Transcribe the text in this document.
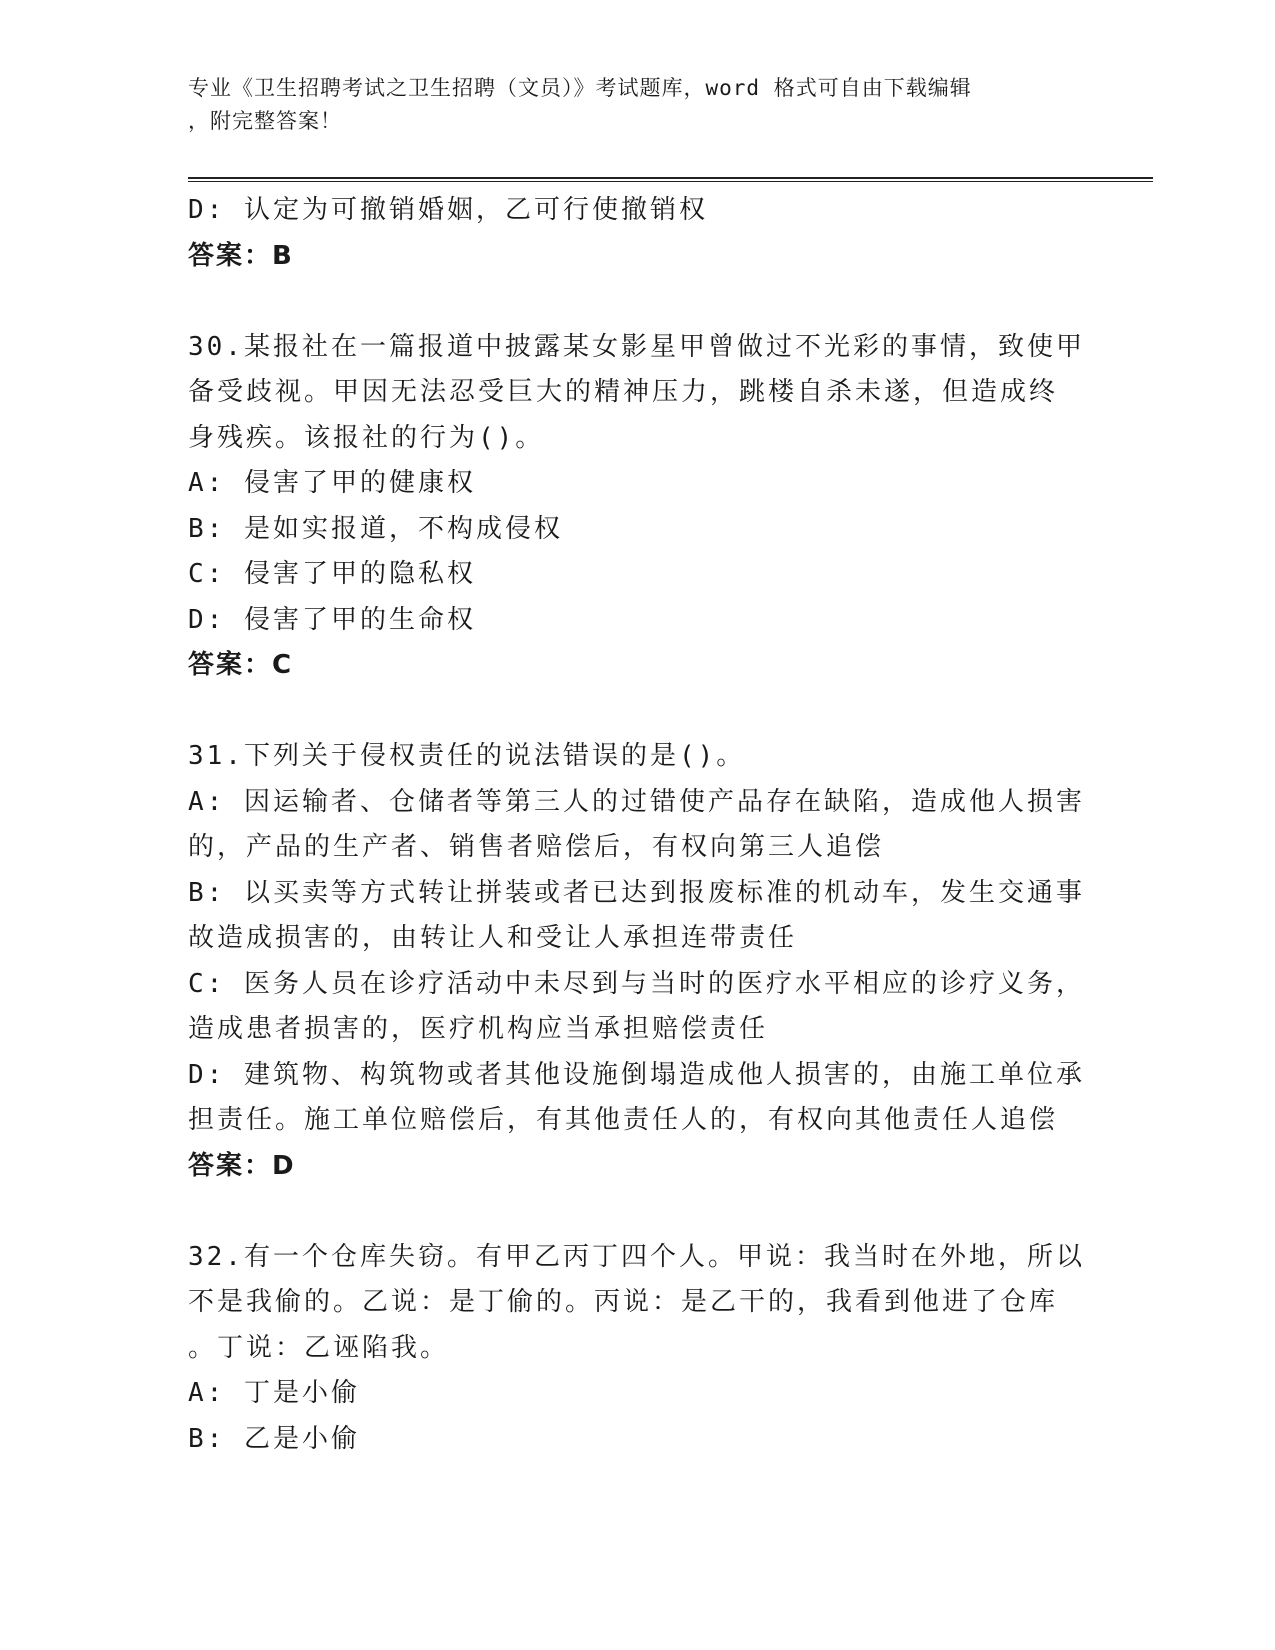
专业《卫生招聘考试之卫生招聘（文员）》考试题库，word 格式可自由下载编辑
，附完整答案！
D: 认定为可撤销婚姻，乙可行使撤销权
答案：B
30.某报社在一篇报道中披露某女影星甲曾做过不光彩的事情，致使甲
备受歧视。甲因无法忍受巨大的精神压力，跳楼自杀未遂，但造成终
身残疾。该报社的行为()。
A: 侵害了甲的健康权
B: 是如实报道，不构成侵权
C: 侵害了甲的隐私权
D: 侵害了甲的生命权
答案：C
31.下列关于侵权责任的说法错误的是()。
A: 因运输者、仓储者等第三人的过错使产品存在缺陷，造成他人损害
的，产品的生产者、销售者赔偿后，有权向第三人追偿
B: 以买卖等方式转让拼装或者已达到报废标准的机动车，发生交通事
故造成损害的，由转让人和受让人承担连带责任
C: 医务人员在诊疗活动中未尽到与当时的医疗水平相应的诊疗义务，
造成患者损害的，医疗机构应当承担赔偿责任
D: 建筑物、构筑物或者其他设施倒塌造成他人损害的，由施工单位承
担责任。施工单位赔偿后，有其他责任人的，有权向其他责任人追偿
答案：D
32.有一个仓库失窃。有甲乙丙丁四个人。甲说：我当时在外地，所以
不是我偷的。乙说：是丁偷的。丙说：是乙干的，我看到他进了仓库
。丁说：乙诬陷我。
A: 丁是小偷
B: 乙是小偷
